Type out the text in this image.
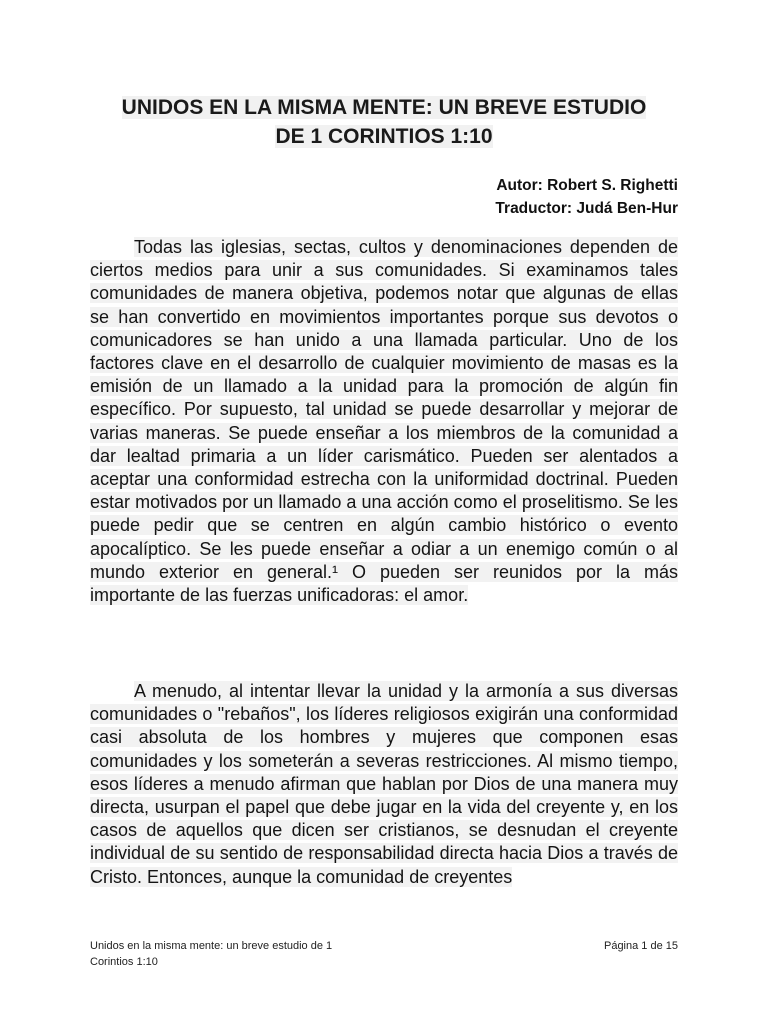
UNIDOS EN LA MISMA MENTE: UN BREVE ESTUDIO
DE 1 CORINTIOS 1:10
Autor: Robert S. Righetti
Traductor: Judá Ben-Hur
Todas las iglesias, sectas, cultos y denominaciones dependen de ciertos medios para unir a sus comunidades. Si examinamos tales comunidades de manera objetiva, podemos notar que algunas de ellas se han convertido en movimientos importantes porque sus devotos o comunicadores se han unido a una llamada particular. Uno de los factores clave en el desarrollo de cualquier movimiento de masas es la emisión de un llamado a la unidad para la promoción de algún fin específico. Por supuesto, tal unidad se puede desarrollar y mejorar de varias maneras. Se puede enseñar a los miembros de la comunidad a dar lealtad primaria a un líder carismático. Pueden ser alentados a aceptar una conformidad estrecha con la uniformidad doctrinal. Pueden estar motivados por un llamado a una acción como el proselitismo. Se les puede pedir que se centren en algún cambio histórico o evento apocalíptico. Se les puede enseñar a odiar a un enemigo común o al mundo exterior en general.¹ O pueden ser reunidos por la más importante de las fuerzas unificadoras: el amor.
A menudo, al intentar llevar la unidad y la armonía a sus diversas comunidades o "rebaños", los líderes religiosos exigirán una conformidad casi absoluta de los hombres y mujeres que componen esas comunidades y los someterán a severas restricciones. Al mismo tiempo, esos líderes a menudo afirman que hablan por Dios de una manera muy directa, usurpan el papel que debe jugar en la vida del creyente y, en los casos de aquellos que dicen ser cristianos, se desnudan el creyente individual de su sentido de responsabilidad directa hacia Dios a través de Cristo. Entonces, aunque la comunidad de creyentes
Unidos en la misma mente: un breve estudio de 1 Corintios 1:10
Página 1 de 15
